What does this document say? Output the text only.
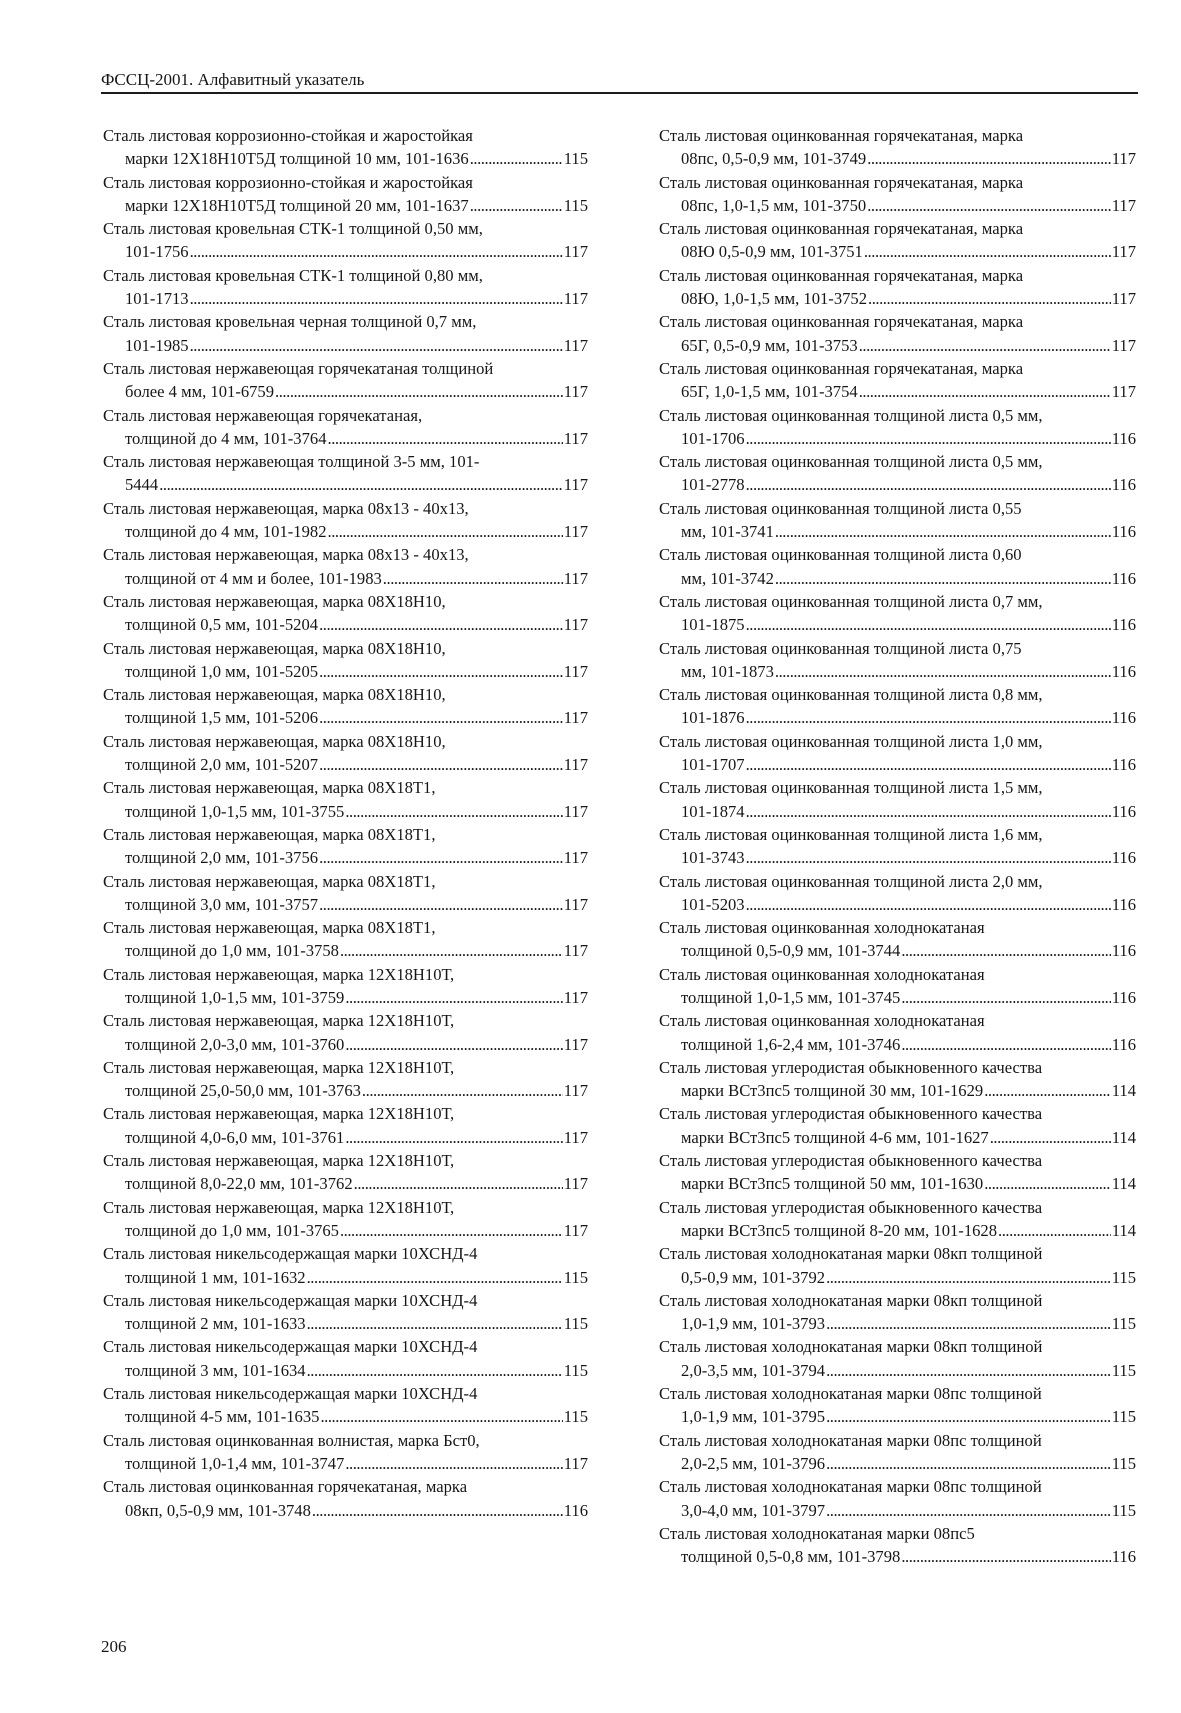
ФССЦ-2001. Алфавитный указатель
Сталь листовая коррозионно-стойкая и жаростойкая
марки 12Х18Н10Т5Д толщиной 10 мм, 101-1636 . . .	115
Сталь листовая коррозионно-стойкая и жаростойкая
марки 12Х18Н10Т5Д толщиной 20 мм, 101-1637 . . .	115
Сталь листовая кровельная СТК-1 толщиной 0,50 мм,
101-1756 . . .	117
Сталь листовая кровельная СТК-1 толщиной 0,80 мм,
101-1713 . . .	117
Сталь листовая кровельная черная толщиной 0,7 мм,
101-1985 . . .	117
Сталь листовая нержавеющая горячекатаная толщиной
более 4 мм, 101-6759 . . .	117
Сталь листовая нержавеющая горячекатаная,
толщиной до 4 мм, 101-3764 . . .	117
Сталь листовая нержавеющая толщиной 3-5 мм, 101-
5444 . . .	117
Сталь листовая нержавеющая, марка 08х13 - 40х13,
толщиной до 4 мм, 101-1982 . . .	117
Сталь листовая нержавеющая, марка 08х13 - 40х13,
толщиной от 4 мм и более, 101-1983 . . .	117
Сталь листовая нержавеющая, марка 08Х18Н10,
толщиной 0,5 мм, 101-5204 . . .	117
Сталь листовая нержавеющая, марка 08Х18Н10,
толщиной 1,0 мм, 101-5205 . . .	117
Сталь листовая нержавеющая, марка 08Х18Н10,
толщиной 1,5 мм, 101-5206 . . .	117
Сталь листовая нержавеющая, марка 08Х18Н10,
толщиной 2,0 мм, 101-5207 . . .	117
Сталь листовая нержавеющая, марка 08Х18Т1,
толщиной 1,0-1,5 мм, 101-3755 . . .	117
Сталь листовая нержавеющая, марка 08Х18Т1,
толщиной 2,0 мм, 101-3756 . . .	117
Сталь листовая нержавеющая, марка 08Х18Т1,
толщиной 3,0 мм, 101-3757 . . .	117
Сталь листовая нержавеющая, марка 08Х18Т1,
толщиной до 1,0 мм, 101-3758 . . .	117
Сталь листовая нержавеющая, марка 12Х18Н10Т,
толщиной 1,0-1,5 мм, 101-3759 . . .	117
Сталь листовая нержавеющая, марка 12Х18Н10Т,
толщиной 2,0-3,0 мм, 101-3760 . . .	117
Сталь листовая нержавеющая, марка 12Х18Н10Т,
толщиной 25,0-50,0 мм, 101-3763 . . .	117
Сталь листовая нержавеющая, марка 12Х18Н10Т,
толщиной 4,0-6,0 мм, 101-3761 . . .	117
Сталь листовая нержавеющая, марка 12Х18Н10Т,
толщиной 8,0-22,0 мм, 101-3762 . . .	117
Сталь листовая нержавеющая, марка 12Х18Н10Т,
толщиной до 1,0 мм, 101-3765 . . .	117
Сталь листовая никельсодержащая марки 10ХСНД-4
толщиной 1 мм, 101-1632 . . .	115
Сталь листовая никельсодержащая марки 10ХСНД-4
толщиной 2 мм, 101-1633 . . .	115
Сталь листовая никельсодержащая марки 10ХСНД-4
толщиной 3 мм, 101-1634 . . .	115
Сталь листовая никельсодержащая марки 10ХСНД-4
толщиной 4-5 мм, 101-1635 . . .	115
Сталь листовая оцинкованная волнистая, марка Бст0,
толщиной 1,0-1,4 мм, 101-3747 . . .	117
Сталь листовая оцинкованная горячекатаная, марка
08кп, 0,5-0,9 мм, 101-3748 . . .	116
Сталь листовая оцинкованная горячекатаная, марка
08пс, 0,5-0,9 мм, 101-3749 . . .	117
Сталь листовая оцинкованная горячекатаная, марка
08пс, 1,0-1,5 мм, 101-3750 . . .	117
Сталь листовая оцинкованная горячекатаная, марка
08Ю 0,5-0,9 мм, 101-3751 . . .	117
Сталь листовая оцинкованная горячекатаная, марка
08Ю, 1,0-1,5 мм, 101-3752 . . .	117
Сталь листовая оцинкованная горячекатаная, марка
65Г, 0,5-0,9 мм, 101-3753 . . .	117
Сталь листовая оцинкованная горячекатаная, марка
65Г, 1,0-1,5 мм, 101-3754 . . .	117
Сталь листовая оцинкованная толщиной листа 0,5 мм,
101-1706 . . .	116
Сталь листовая оцинкованная толщиной листа 0,5 мм,
101-2778 . . .	116
Сталь листовая оцинкованная толщиной листа 0,55
мм, 101-3741 . . .	116
Сталь листовая оцинкованная толщиной листа 0,60
мм, 101-3742 . . .	116
Сталь листовая оцинкованная толщиной листа 0,7 мм,
101-1875 . . .	116
Сталь листовая оцинкованная толщиной листа 0,75
мм, 101-1873 . . .	116
Сталь листовая оцинкованная толщиной листа 0,8 мм,
101-1876 . . .	116
Сталь листовая оцинкованная толщиной листа 1,0 мм,
101-1707 . . .	116
Сталь листовая оцинкованная толщиной листа 1,5 мм,
101-1874 . . .	116
Сталь листовая оцинкованная толщиной листа 1,6 мм,
101-3743 . . .	116
Сталь листовая оцинкованная толщиной листа 2,0 мм,
101-5203 . . .	116
Сталь листовая оцинкованная холоднокатаная
толщиной 0,5-0,9 мм, 101-3744 . . .	116
Сталь листовая оцинкованная холоднокатаная
толщиной 1,0-1,5 мм, 101-3745 . . .	116
Сталь листовая оцинкованная холоднокатаная
толщиной 1,6-2,4 мм, 101-3746 . . .	116
Сталь листовая углеродистая обыкновенного качества
марки ВСт3пс5 толщиной 30 мм, 101-1629 . . .	114
Сталь листовая углеродистая обыкновенного качества
марки ВСт3пс5 толщиной 4-6 мм, 101-1627 . . .	114
Сталь листовая углеродистая обыкновенного качества
марки ВСт3пс5 толщиной 50 мм, 101-1630 . . .	114
Сталь листовая углеродистая обыкновенного качества
марки ВСт3пс5 толщиной 8-20 мм, 101-1628 . . .	114
Сталь листовая холоднокатаная марки 08кп толщиной
0,5-0,9 мм, 101-3792 . . .	115
Сталь листовая холоднокатаная марки 08кп толщиной
1,0-1,9 мм, 101-3793 . . .	115
Сталь листовая холоднокатаная марки 08кп толщиной
2,0-3,5 мм, 101-3794 . . .	115
Сталь листовая холоднокатаная марки 08пс толщиной
1,0-1,9 мм, 101-3795 . . .	115
Сталь листовая холоднокатаная марки 08пс толщиной
2,0-2,5 мм, 101-3796 . . .	115
Сталь листовая холоднокатаная марки 08пс толщиной
3,0-4,0 мм, 101-3797 . . .	115
Сталь листовая холоднокатаная марки 08пс5
толщиной 0,5-0,8 мм, 101-3798 . . .	116
206
